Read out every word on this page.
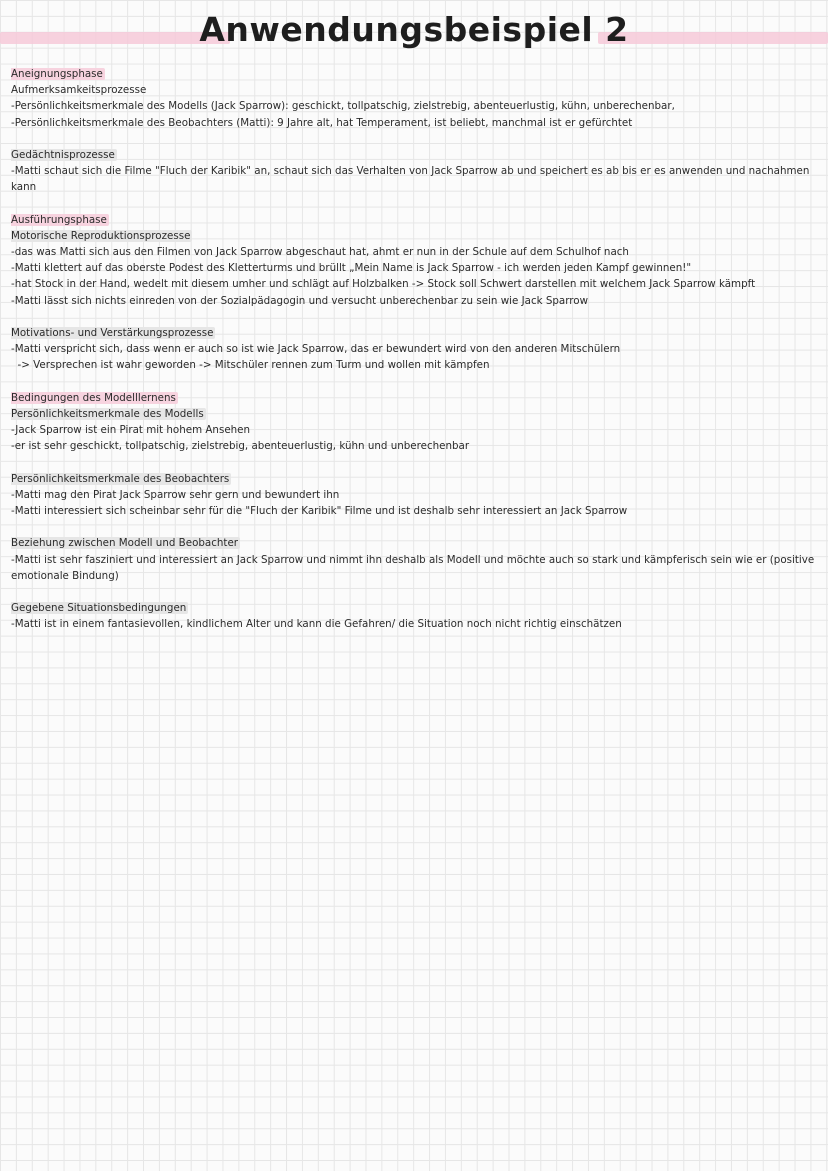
Anwendungsbeispiel 2
Aneignungsphase
Aufmerksamkeitsprozesse
-Persönlichkeitsmerkmale des Modells (Jack Sparrow): geschickt, tollpatschig, zielstrebig, abenteuerlustig, kühn, unberechenbar,
-Persönlichkeitsmerkmale des Beobachters (Matti): 9 Jahre alt, hat Temperament, ist beliebt, manchmal ist er gefürchtet
Gedächtnisprozesse
-Matti schaut sich die Filme "Fluch der Karibik" an, schaut sich das Verhalten von Jack Sparrow ab und speichert es ab bis er es anwenden und nachahmen kann
Ausführungsphase
Motorische Reproduktionsprozesse
-das was Matti sich aus den Filmen von Jack Sparrow abgeschaut hat, ahmt er nun in der Schule auf dem Schulhof nach
-Matti klettert auf das oberste Podest des Kletterturms und brüllt „Mein Name is Jack Sparrow - ich werden jeden Kampf gewinnen!"
-hat Stock in der Hand, wedelt mit diesem umher und schlägt auf Holzbalken -> Stock soll Schwert darstellen mit welchem Jack Sparrow kämpft
-Matti lässt sich nichts einreden von der Sozialpädagogin und versucht unberechenbar zu sein wie Jack Sparrow
Motivations- und Verstärkungsprozesse
-Matti verspricht sich, dass wenn er auch so ist wie Jack Sparrow, das er bewundert wird von den anderen Mitschülern
-> Versprechen ist wahr geworden -> Mitschüler rennen zum Turm und wollen mit kämpfen
Bedingungen des Modelllernens
Persönlichkeitsmerkmale des Modells
-Jack Sparrow ist ein Pirat mit hohem Ansehen
-er ist sehr geschickt, tollpatschig, zielstrebig, abenteuerlustig, kühn und unberechenbar
Persönlichkeitsmerkmale des Beobachters
-Matti mag den Pirat Jack Sparrow sehr gern und bewundert ihn
-Matti interessiert sich scheinbar sehr für die "Fluch der Karibik" Filme und ist deshalb sehr interessiert an Jack Sparrow
Beziehung zwischen Modell und Beobachter
-Matti ist sehr fasziniert und interessiert an Jack Sparrow und nimmt ihn deshalb als Modell und möchte auch so stark und kämpferisch sein wie er (positive emotionale Bindung)
Gegebene Situationsbedingungen
-Matti ist in einem fantasievollen, kindlichem Alter und kann die Gefahren/ die Situation noch nicht richtig einschätzen
